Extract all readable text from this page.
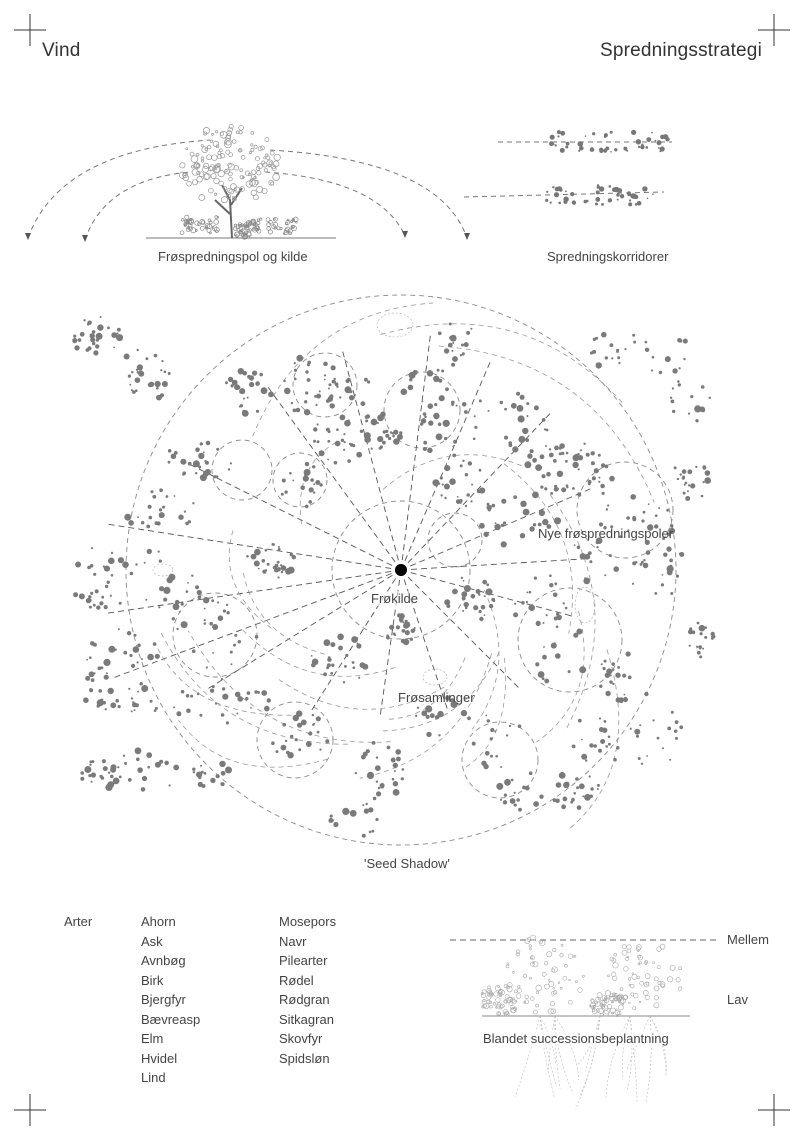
Vind	Spredningsstrategi
Frøspredningspol og kilde	Spredningskorridorer
Frøkilde
Frøsamlinger
Nye frøspredningspoler
'Seed Shadow'
Arter	Ahorn
Ask
Avnbøg
Birk
Bjergfyr
Bævreasp
Elm
Hvidel
Lind
Mosepors
Navr
Pilearter
Rødel
Rødgran
Sitkagran
Skovfyr
Spidsløn
Mellem
Lav
Blandet successionsbeplantning
